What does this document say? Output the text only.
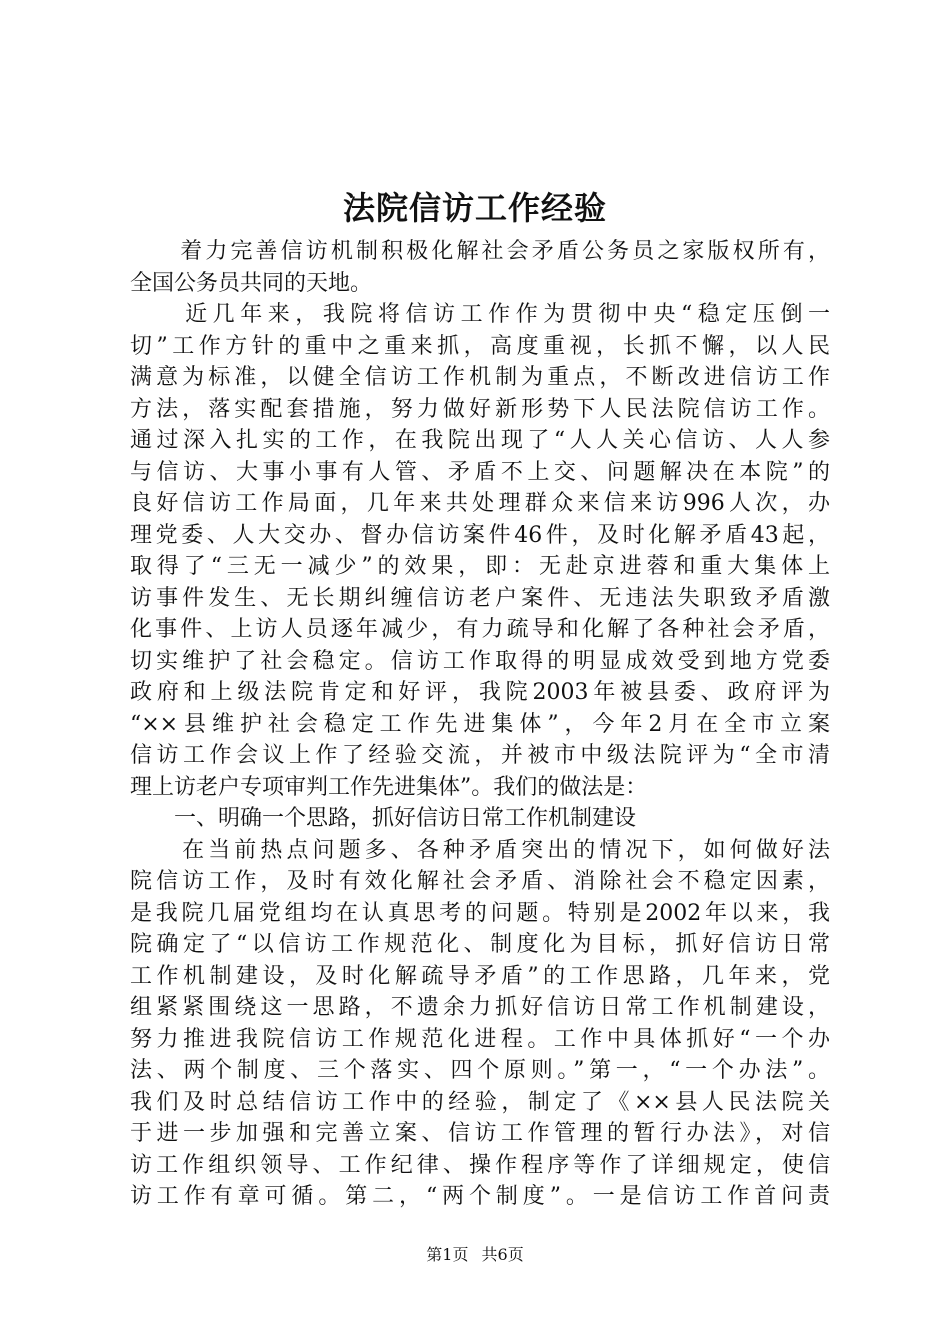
法院信访工作经验
　　着力完善信访机制积极化解社会矛盾公务员之家版权所有，
全国公务员共同的天地。
　　近几年来，我院将信访工作作为贯彻中央“稳定压倒一
切”工作方针的重中之重来抓，高度重视，长抓不懈，以人民
满意为标准，以健全信访工作机制为重点，不断改进信访工作
方法，落实配套措施，努力做好新形势下人民法院信访工作。
通过深入扎实的工作，在我院出现了“人人关心信访、人人参
与信访、大事小事有人管、矛盾不上交、问题解决在本院”的
良好信访工作局面，几年来共处理群众来信来访996人次，办
理党委、人大交办、督办信访案件46件，及时化解矛盾43起，
取得了“三无一减少”的效果，即：无赴京进蓉和重大集体上
访事件发生、无长期纠缠信访老户案件、无违法失职致矛盾激
化事件、上访人员逐年减少，有力疏导和化解了各种社会矛盾，
切实维护了社会稳定。信访工作取得的明显成效受到地方党委
政府和上级法院肯定和好评，我院2003年被县委、政府评为
“××县维护社会稳定工作先进集体”，今年2月在全市立案
信访工作会议上作了经验交流，并被市中级法院评为“全市清
理上访老户专项审判工作先进集体”。我们的做法是：
　　一、明确一个思路，抓好信访日常工作机制建设
　　在当前热点问题多、各种矛盾突出的情况下，如何做好法
院信访工作，及时有效化解社会矛盾、消除社会不稳定因素，
是我院几届党组均在认真思考的问题。特别是2002年以来，我
院确定了“以信访工作规范化、制度化为目标，抓好信访日常
工作机制建设，及时化解疏导矛盾”的工作思路，几年来，党
组紧紧围绕这一思路，不遗余力抓好信访日常工作机制建设，
努力推进我院信访工作规范化进程。工作中具体抓好“一个办
法、两个制度、三个落实、四个原则。”第一，“一个办法”。
我们及时总结信访工作中的经验，制定了《××县人民法院关
于进一步加强和完善立案、信访工作管理的暂行办法》，对信
访工作组织领导、工作纪律、操作程序等作了详细规定，使信
访工作有章可循。第二，“两个制度”。一是信访工作首问责
第1页 共6页
